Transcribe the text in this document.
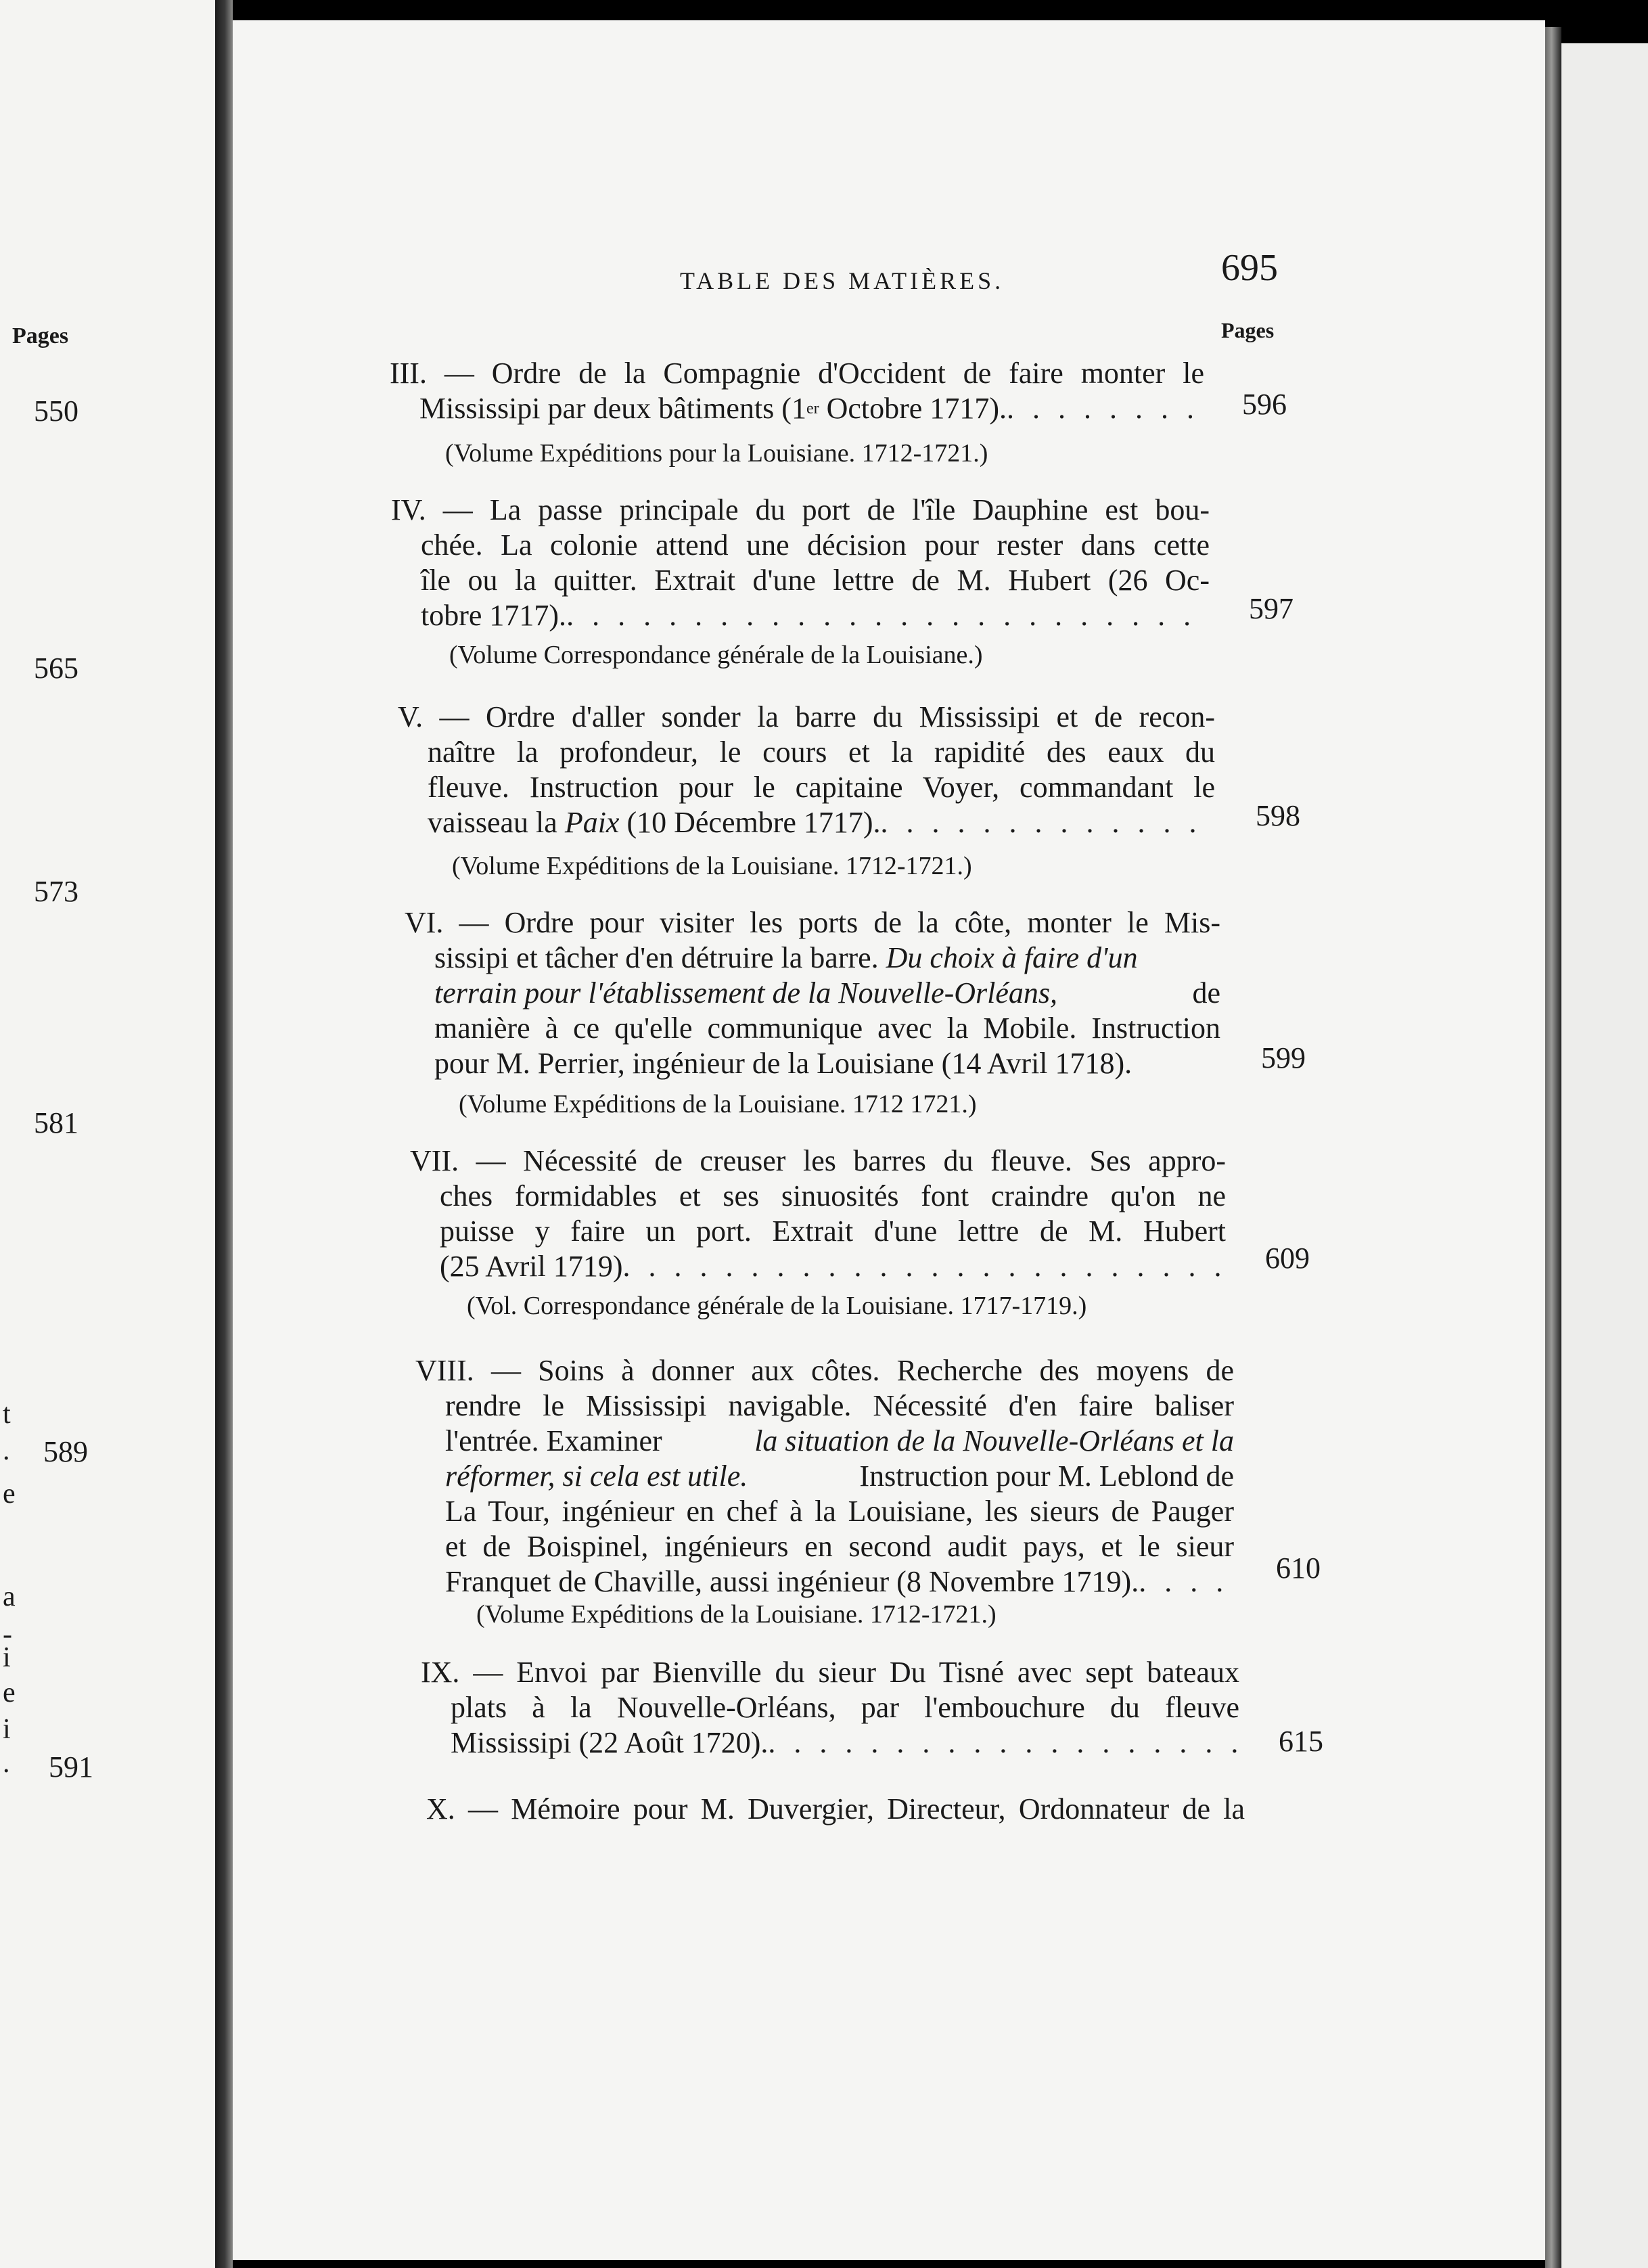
Pages
550
565
573
581
589
591
t
.
e
a
-
i
e
i
.
TABLE DES MATIÈRES.	695
Pages
III. — Ordre de la Compagnie d'Occident de faire monter le
Mississipi par deux bâtiments (1 er Octobre 1717).
. . .
(Volume Expéditions pour la Louisiane. 1712-1721.)
596
IV. — La passe principale du port de l'île Dauphine est bou-
chée. La colonie attend une décision pour rester dans cette
île ou la quitter. Extrait d'une lettre de M. Hubert (26 Oc-
tobre 1717).
. . .
(Volume Correspondance générale de la Louisiane.)
597
V. — Ordre d'aller sonder la barre du Mississipi et de recon-
naître la profondeur, le cours et la rapidité des eaux du
fleuve. Instruction pour le capitaine Voyer, commandant le
vaisseau la Paix (10 Décembre 1717).
. . .
(Volume Expéditions de la Louisiane. 1712-1721.)
598
VI. — Ordre pour visiter les ports de la côte, monter le Mis-
sissipi et tâcher d'en détruire la barre. Du choix à faire d'un
terrain pour l'établissement de la Nouvelle-Orléans,	de
manière à ce qu'elle communique avec la Mobile. Instruction
pour M. Perrier, ingénieur de la Louisiane (14 Avril 1718).
(Volume Expéditions de la Louisiane. 1712 1721.)
599
VII. — Nécessité de creuser les barres du fleuve. Ses appro-
ches formidables et ses sinuosités font craindre qu'on ne
puisse y faire un port. Extrait d'une lettre de M. Hubert
(25 Avril 1719)
. . .
(Vol. Correspondance générale de la Louisiane. 1717-1719.)
609
VIII. — Soins à donner aux côtes. Recherche des moyens de
rendre le Mississipi navigable. Nécessité d'en faire baliser
l'entrée. Examiner	la situation de la Nouvelle-Orléans et la
réformer, si cela est utile.	Instruction pour M. Leblond de
La Tour, ingénieur en chef à la Louisiane, les sieurs de Pauger
et de Boispinel, ingénieurs en second audit pays, et le sieur
Franquet de Chaville, aussi ingénieur (8 Novembre 1719).
. . .
(Volume Expéditions de la Louisiane. 1712-1721.)
610
IX. — Envoi par Bienville du sieur Du Tisné avec sept bateaux
plats à la Nouvelle-Orléans, par l'embouchure du fleuve
Mississipi (22 Août 1720).
. . .	615
X. — Mémoire pour M. Duvergier, Directeur, Ordonnateur de la
